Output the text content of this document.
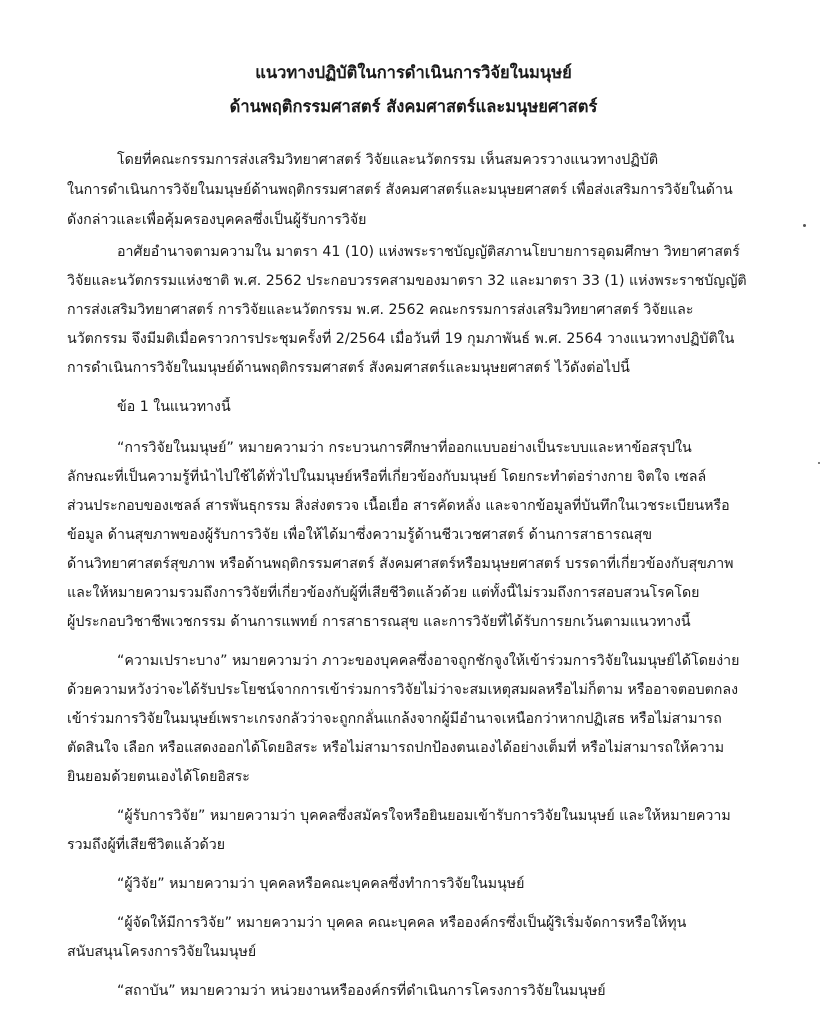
แนวทางปฏิบัติในการดำเนินการวิจัยในมนุษย์
ด้านพฤติกรรมศาสตร์ สังคมศาสตร์และมนุษยศาสตร์
โดยที่คณะกรรมการส่งเสริมวิทยาศาสตร์ วิจัยและนวัตกรรม เห็นสมควรวางแนวทางปฏิบัติ
ในการดำเนินการวิจัยในมนุษย์ด้านพฤติกรรมศาสตร์ สังคมศาสตร์และมนุษยศาสตร์ เพื่อส่งเสริมการวิจัยในด้าน
ดังกล่าวและเพื่อคุ้มครองบุคคลซึ่งเป็นผู้รับการวิจัย
อาศัยอำนาจตามความใน มาตรา 41 (10) แห่งพระราชบัญญัติสภานโยบายการอุดมศึกษา วิทยาศาสตร์
วิจัยและนวัตกรรมแห่งชาติ พ.ศ. 2562 ประกอบวรรคสามของมาตรา 32 และมาตรา 33 (1) แห่งพระราชบัญญัติ
การส่งเสริมวิทยาศาสตร์ การวิจัยและนวัตกรรม พ.ศ. 2562 คณะกรรมการส่งเสริมวิทยาศาสตร์ วิจัยและ
นวัตกรรม จึงมีมติเมื่อคราวการประชุมครั้งที่ 2/2564 เมื่อวันที่ 19 กุมภาพันธ์ พ.ศ. 2564 วางแนวทางปฏิบัติใน
การดำเนินการวิจัยในมนุษย์ด้านพฤติกรรมศาสตร์ สังคมศาสตร์และมนุษยศาสตร์ ไว้ดังต่อไปนี้
ข้อ 1 ในแนวทางนี้
“การวิจัยในมนุษย์” หมายความว่า กระบวนการศึกษาที่ออกแบบอย่างเป็นระบบและหาข้อสรุปใน
ลักษณะที่เป็นความรู้ที่นำไปใช้ได้ทั่วไปในมนุษย์หรือที่เกี่ยวข้องกับมนุษย์ โดยกระทำต่อร่างกาย จิตใจ เซลล์
ส่วนประกอบของเซลล์ สารพันธุกรรม สิ่งส่งตรวจ เนื้อเยื่อ สารคัดหลั่ง และจากข้อมูลที่บันทึกในเวชระเบียนหรือ
ข้อมูล ด้านสุขภาพของผู้รับการวิจัย เพื่อให้ได้มาซึ่งความรู้ด้านชีวเวชศาสตร์ ด้านการสาธารณสุข
ด้านวิทยาศาสตร์สุขภาพ หรือด้านพฤติกรรมศาสตร์ สังคมศาสตร์หรือมนุษยศาสตร์ บรรดาที่เกี่ยวข้องกับสุขภาพ
และให้หมายความรวมถึงการวิจัยที่เกี่ยวข้องกับผู้ที่เสียชีวิตแล้วด้วย แต่ทั้งนี้ไม่รวมถึงการสอบสวนโรคโดย
ผู้ประกอบวิชาชีพเวชกรรม ด้านการแพทย์ การสาธารณสุข และการวิจัยที่ได้รับการยกเว้นตามแนวทางนี้
“ความเปราะบาง” หมายความว่า ภาวะของบุคคลซึ่งอาจถูกชักจูงให้เข้าร่วมการวิจัยในมนุษย์ได้โดยง่าย
ด้วยความหวังว่าจะได้รับประโยชน์จากการเข้าร่วมการวิจัยไม่ว่าจะสมเหตุสมผลหรือไม่ก็ตาม หรืออาจตอบตกลง
เข้าร่วมการวิจัยในมนุษย์เพราะเกรงกลัวว่าจะถูกกลั่นแกล้งจากผู้มีอำนาจเหนือกว่าหากปฏิเสธ หรือไม่สามารถ
ตัดสินใจ เลือก หรือแสดงออกได้โดยอิสระ หรือไม่สามารถปกป้องตนเองได้อย่างเต็มที่ หรือไม่สามารถให้ความ
ยินยอมด้วยตนเองได้โดยอิสระ
“ผู้รับการวิจัย” หมายความว่า บุคคลซึ่งสมัครใจหรือยินยอมเข้ารับการวิจัยในมนุษย์ และให้หมายความ
รวมถึงผู้ที่เสียชีวิตแล้วด้วย
“ผู้วิจัย” หมายความว่า บุคคลหรือคณะบุคคลซึ่งทำการวิจัยในมนุษย์
“ผู้จัดให้มีการวิจัย” หมายความว่า บุคคล คณะบุคคล หรือองค์กรซึ่งเป็นผู้ริเริ่มจัดการหรือให้ทุน
สนับสนุนโครงการวิจัยในมนุษย์
“สถาบัน” หมายความว่า หน่วยงานหรือองค์กรที่ดำเนินการโครงการวิจัยในมนุษย์
